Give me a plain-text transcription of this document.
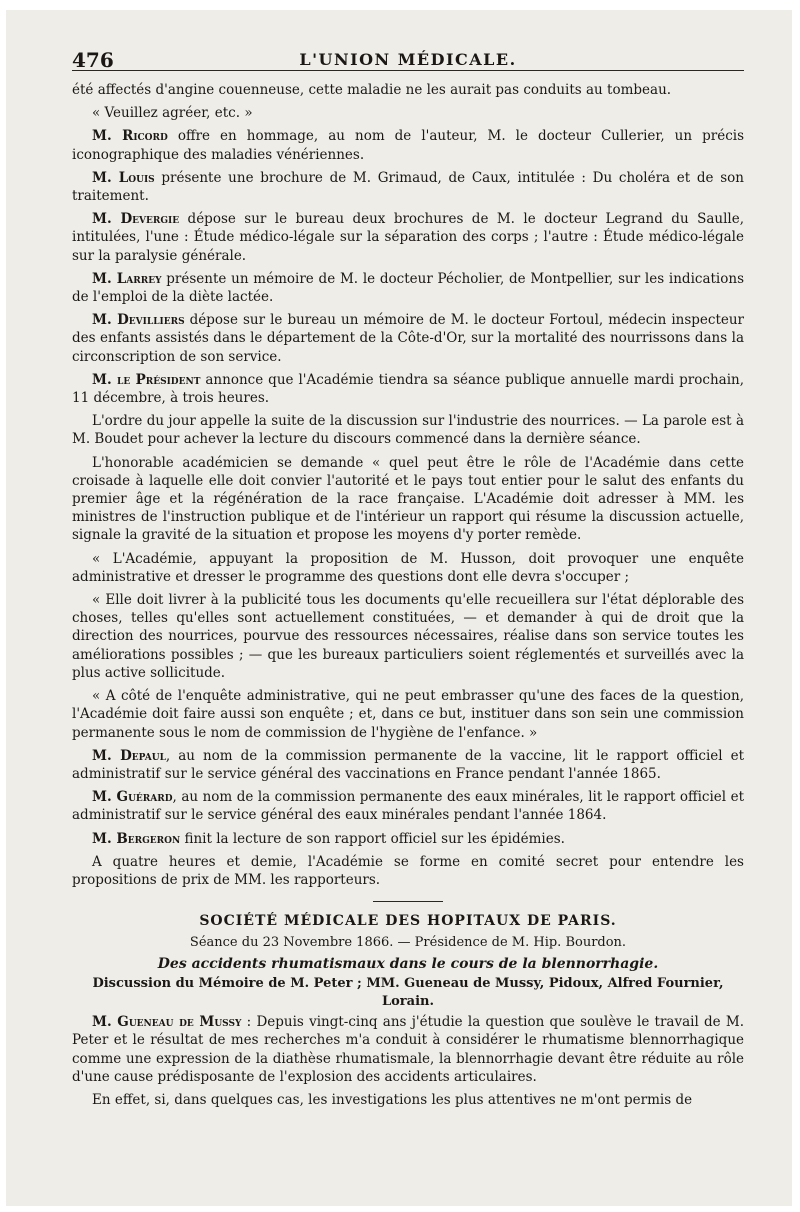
476	L'UNION MÉDICALE.

été affectés d'angine couenneuse, cette maladie ne les aurait pas conduits au tombeau.

« Veuillez agréer, etc. »

M. Ricord offre en hommage, au nom de l'auteur, M. le docteur Cullerier, un précis iconographique des maladies vénériennes.

M. Louis présente une brochure de M. Grimaud, de Caux, intitulée : Du choléra et de son traitement.

M. Devergie dépose sur le bureau deux brochures de M. le docteur Legrand du Saulle, intitulées, l'une : Étude médico-légale sur la séparation des corps ; l'autre : Étude médico-légale sur la paralysie générale.

M. Larrey présente un mémoire de M. le docteur Pécholier, de Montpellier, sur les indications de l'emploi de la diète lactée.

M. Devilliers dépose sur le bureau un mémoire de M. le docteur Fortoul, médecin inspecteur des enfants assistés dans le département de la Côte-d'Or, sur la mortalité des nourrissons dans la circonscription de son service.

M. le Président annonce que l'Académie tiendra sa séance publique annuelle mardi prochain, 11 décembre, à trois heures.

L'ordre du jour appelle la suite de la discussion sur l'industrie des nourrices. — La parole est à M. Boudet pour achever la lecture du discours commencé dans la dernière séance.

L'honorable académicien se demande « quel peut être le rôle de l'Académie dans cette croisade à laquelle elle doit convier l'autorité et le pays tout entier pour le salut des enfants du premier âge et la régénération de la race française. L'Académie doit adresser à MM. les ministres de l'instruction publique et de l'intérieur un rapport qui résume la discussion actuelle, signale la gravité de la situation et propose les moyens d'y porter remède.

« L'Académie, appuyant la proposition de M. Husson, doit provoquer une enquête administrative et dresser le programme des questions dont elle devra s'occuper ;

« Elle doit livrer à la publicité tous les documents qu'elle recueillera sur l'état déplorable des choses, telles qu'elles sont actuellement constituées, — et demander à qui de droit que la direction des nourrices, pourvue des ressources nécessaires, réalise dans son service toutes les améliorations possibles ; — que les bureaux particuliers soient réglementés et surveillés avec la plus active sollicitude.

« A côté de l'enquête administrative, qui ne peut embrasser qu'une des faces de la question, l'Académie doit faire aussi son enquête ; et, dans ce but, instituer dans son sein une commission permanente sous le nom de commission de l'hygiène de l'enfance. »

M. Depaul, au nom de la commission permanente de la vaccine, lit le rapport officiel et administratif sur le service général des vaccinations en France pendant l'année 1865.

M. Guérard, au nom de la commission permanente des eaux minérales, lit le rapport officiel et administratif sur le service général des eaux minérales pendant l'année 1864.

M. Bergeron finit la lecture de son rapport officiel sur les épidémies.

A quatre heures et demie, l'Académie se forme en comité secret pour entendre les propositions de prix de MM. les rapporteurs.

SOCIÉTÉ MÉDICALE DES HOPITAUX DE PARIS.
Séance du 23 Novembre 1866. — Présidence de M. Hip. Bourdon.
Des accidents rhumatismaux dans le cours de la blennorrhagie.
Discussion du Mémoire de M. Peter ; MM. Gueneau de Mussy, Pidoux, Alfred Fournier, Lorain.

M. Gueneau de Mussy : Depuis vingt-cinq ans j'étudie la question que soulève le travail de M. Peter et le résultat de mes recherches m'a conduit à considérer le rhumatisme blennorrhagique comme une expression de la diathèse rhumatismale, la blennorrhagie devant être réduite au rôle d'une cause prédisposante de l'explosion des accidents articulaires.

En effet, si, dans quelques cas, les investigations les plus attentives ne m'ont permis de
